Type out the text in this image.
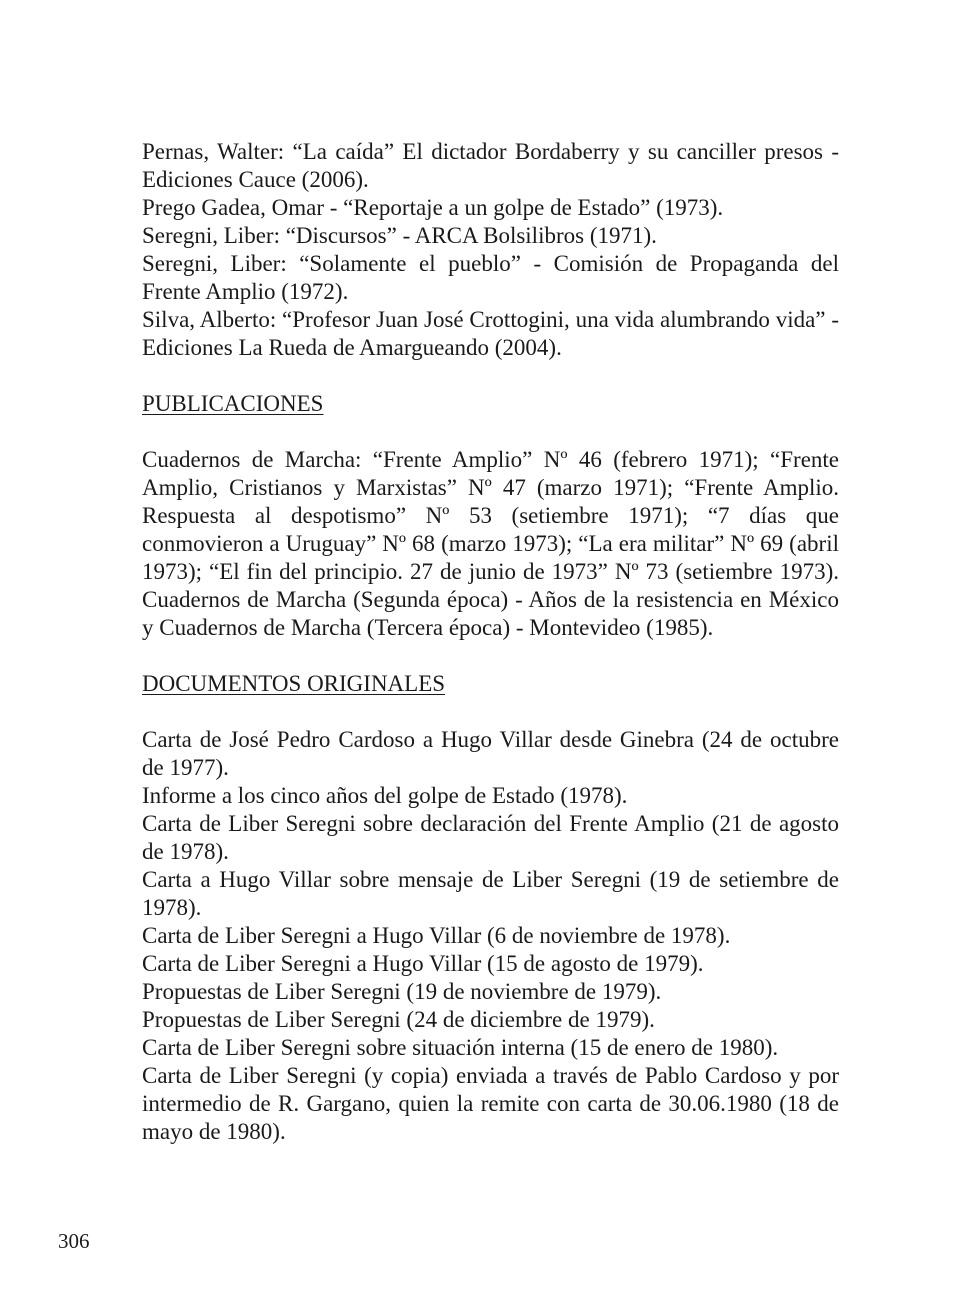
Pernas, Walter: “La caída” El dictador Bordaberry y su canciller presos - Ediciones Cauce (2006).

Prego Gadea, Omar - “Reportaje a un golpe de Estado” (1973).

Seregni, Liber: “Discursos” - ARCA Bolsilibros (1971).

Seregni, Liber: “Solamente el pueblo” - Comisión de Propaganda del Frente Amplio (1972).

Silva, Alberto: “Profesor Juan José Crottogini, una vida alumbrando vida” - Ediciones La Rueda de Amargueando (2004).

PUBLICACIONES

Cuadernos de Marcha: “Frente Amplio” Nº 46 (febrero 1971); “Frente Amplio, Cristianos y Marxistas” Nº 47 (marzo 1971); “Frente Amplio. Respuesta al despotismo” Nº 53 (setiembre 1971); “7 días que conmovieron a Uruguay” Nº 68 (marzo 1973); “La era militar” Nº 69 (abril 1973); “El fin del principio. 27 de junio de 1973” Nº 73 (setiembre 1973). Cuadernos de Marcha (Segunda época) - Años de la resistencia en México y Cuadernos de Marcha (Tercera época) - Montevideo (1985).

DOCUMENTOS ORIGINALES

Carta de José Pedro Cardoso a Hugo Villar desde Ginebra (24 de octubre de 1977).

Informe a los cinco años del golpe de Estado (1978).

Carta de Liber Seregni sobre declaración del Frente Amplio (21 de agosto de 1978).

Carta a Hugo Villar sobre mensaje de Liber Seregni (19 de setiembre de 1978).

Carta de Liber Seregni a Hugo Villar (6 de noviembre de 1978).

Carta de Liber Seregni a Hugo Villar (15 de agosto de 1979).

Propuestas de Liber Seregni (19 de noviembre de 1979).

Propuestas de Liber Seregni (24 de diciembre de 1979).

Carta de Liber Seregni sobre situación interna (15 de enero de 1980).

Carta de Liber Seregni (y copia) enviada a través de Pablo Cardoso y por intermedio de R. Gargano, quien la remite con carta de 30.06.1980 (18 de mayo de 1980).

306
